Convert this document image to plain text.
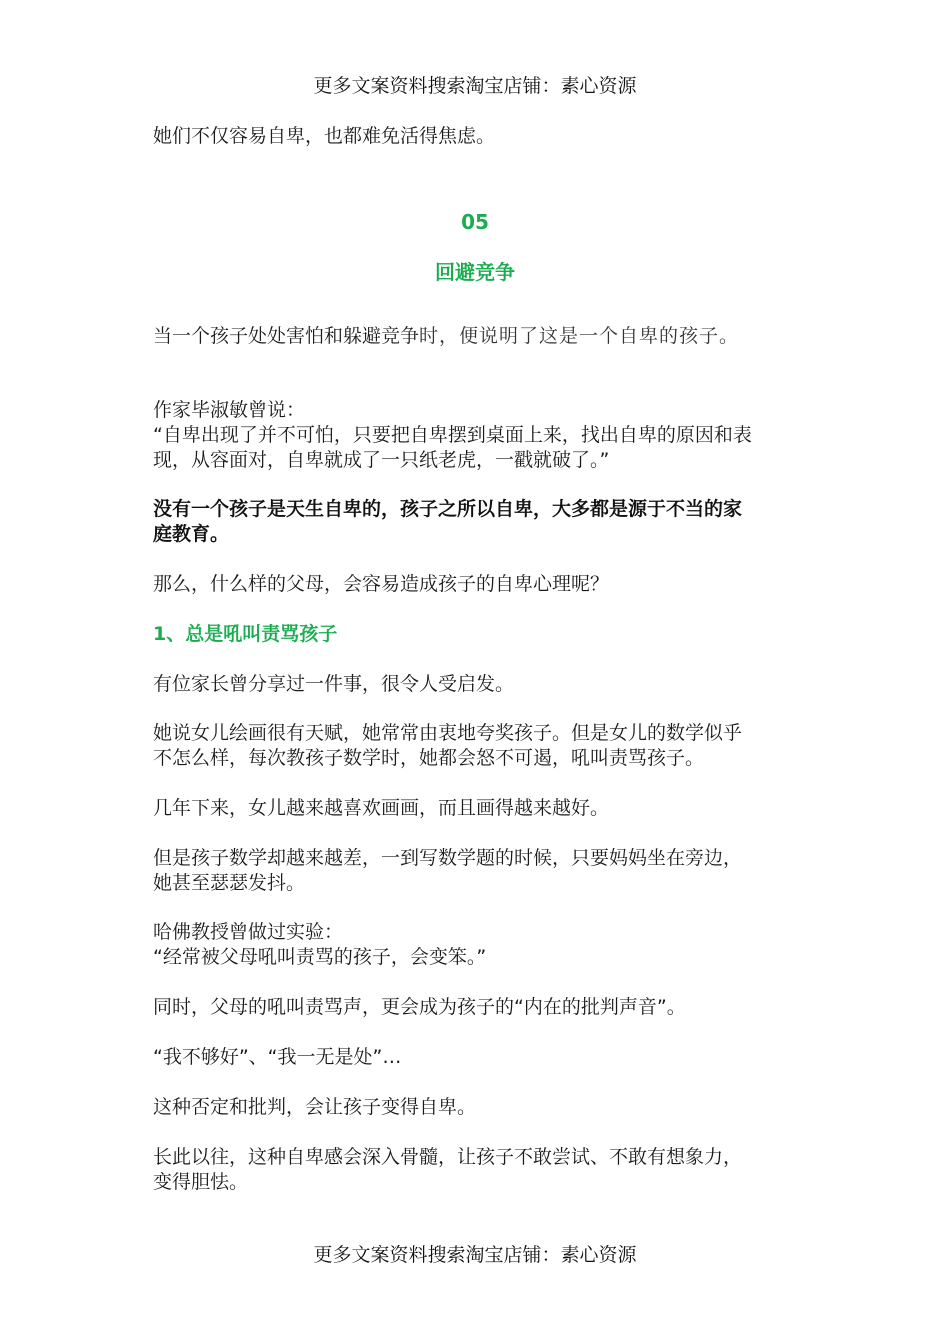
更多文案资料搜索淘宝店铺：素心资源
她们不仅容易自卑，也都难免活得焦虑。
05
回避竞争
当一个孩子处处害怕和躲避竞争时，便说明了这是一个自卑的孩子。
作家毕淑敏曾说：
“自卑出现了并不可怕，只要把自卑摆到桌面上来，找出自卑的原因和表
现，从容面对，自卑就成了一只纸老虎，一戳就破了。”
没有一个孩子是天生自卑的，孩子之所以自卑，大多都是源于不当的家
庭教育。
那么，什么样的父母，会容易造成孩子的自卑心理呢？
1、总是吼叫责骂孩子
有位家长曾分享过一件事，很令人受启发。
她说女儿绘画很有天赋，她常常由衷地夸奖孩子。但是女儿的数学似乎
不怎么样，每次教孩子数学时，她都会怒不可遏，吼叫责骂孩子。
几年下来，女儿越来越喜欢画画，而且画得越来越好。
但是孩子数学却越来越差，一到写数学题的时候，只要妈妈坐在旁边，
她甚至瑟瑟发抖。
哈佛教授曾做过实验：
“经常被父母吼叫责骂的孩子，会变笨。”
同时，父母的吼叫责骂声，更会成为孩子的“内在的批判声音”。
“我不够好”、“我一无是处”…
这种否定和批判，会让孩子变得自卑。
长此以往，这种自卑感会深入骨髓，让孩子不敢尝试、不敢有想象力，
变得胆怯。
更多文案资料搜索淘宝店铺：素心资源
